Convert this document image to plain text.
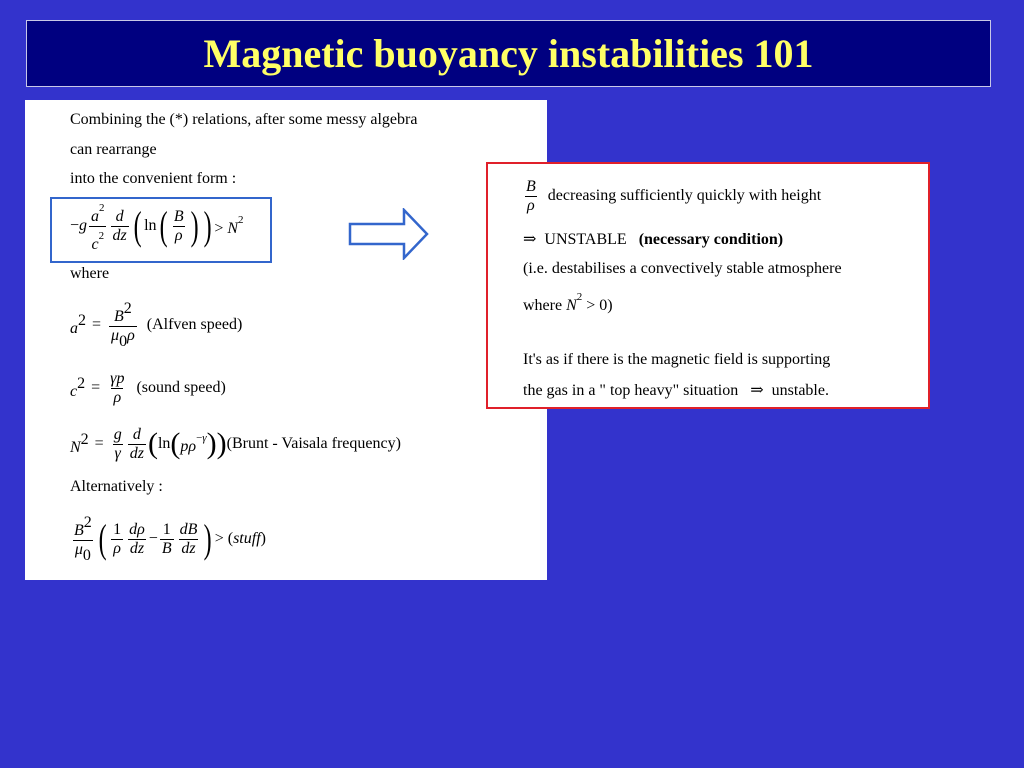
Magnetic buoyancy instabilities 101
Combining the (*) relations, after some messy algebra
can rearrange
into the convenient form :
$-g \frac{a^2}{c^2} \frac{d}{dz}$ ( ln ( $\frac{B}{\rho}$ ) ) > $N^2$
where
$a^2 = \frac{B^2}{\mu_0\rho}$ (Alfven speed)
$c^2 = \frac{\gamma p}{\rho}$ (sound speed)
$N^2 = \frac{g}{\gamma} \frac{d}{dz}$ ( ln ( $p\rho^{-\gamma}$ )) (Brunt - Vaisala frequency)
Alternatively :
$\frac{B^2}{\mu_0}$ ( $\frac{1}{\rho} \frac{d\rho}{dz} - \frac{1}{B} \frac{dB}{dz}$ ) > (stuff)
$\frac{B}{\rho}$ decreasing sufficiently quickly with height
⇒  UNSTABLE (necessary condition)
(i.e. destabilises a convectively stable atmosphere
where $N^2 > 0$)
It's as if there is the magnetic field is supporting
the gas in a " top heavy" situation   ⇒  unstable.
